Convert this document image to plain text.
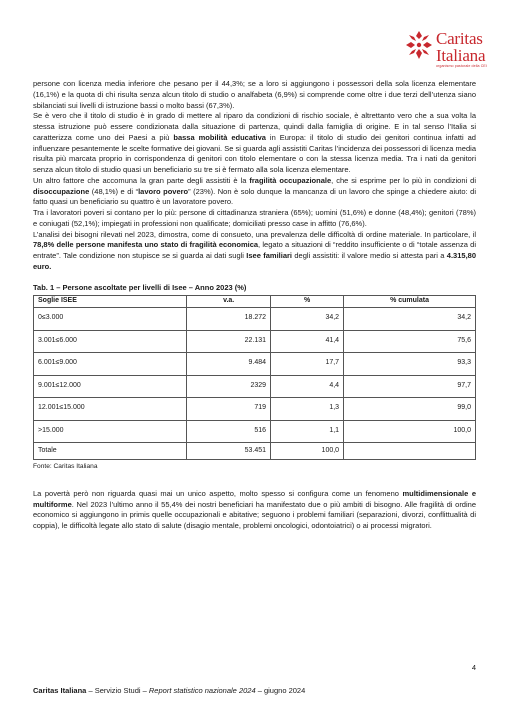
Caritas
Italiana
organismo pastorale della CEI

persone con licenza media inferiore che pesano per il 44,3%; se a loro si aggiungono i possessori della sola licenza elementare (16,1%) e la quota di chi risulta senza alcun titolo di studio o analfabeta (6,9%) si comprende come oltre i due terzi dell’utenza siano sbilanciati sui livelli di istruzione bassi o molto bassi (67,3%).

Se è vero che il titolo di studio è in grado di mettere al riparo da condizioni di rischio sociale, è altrettanto vero che a sua volta la stessa istruzione può essere condizionata dalla situazione di partenza, quindi dalla famiglia di origine. E in tal senso l’Italia si caratterizza come uno dei Paesi a più bassa mobilità educativa in Europa: il titolo di studio dei genitori continua infatti ad influenzare pesantemente le scelte formative dei giovani. Se si guarda agli assistiti Caritas l’incidenza dei possessori di licenza media risulta più marcata proprio in corrispondenza di genitori con titolo elementare o con la stessa licenza media. Tra i nati da genitori senza alcun titolo di studio quasi un beneficiario su tre si è fermato alla sola licenza elementare.

Un altro fattore che accomuna la gran parte degli assistiti è la fragilità occupazionale, che si esprime per lo più in condizioni di disoccupazione (48,1%) e di “lavoro povero” (23%). Non è solo dunque la mancanza di un lavoro che spinge a chiedere aiuto: di fatto quasi un beneficiario su quattro è un lavoratore povero.

Tra i lavoratori poveri si contano per lo più: persone di cittadinanza straniera (65%); uomini (51,6%) e donne (48,4%); genitori (78%) e coniugati (52,1%); impiegati in professioni non qualificate; domiciliati presso case in affitto (76,6%).

L’analisi dei bisogni rilevati nel 2023, dimostra, come di consueto, una prevalenza delle difficoltà di ordine materiale. In particolare, il 78,8% delle persone manifesta uno stato di fragilità economica, legato a situazioni di “reddito insufficiente o di “totale assenza di entrate”. Tale condizione non stupisce se si guarda ai dati sugli Isee familiari degli assistiti: il valore medio si attesta pari a 4.315,80 euro.

Tab. 1 – Persone ascoltate per livelli di Isee – Anno 2023 (%)
Soglie ISEE	v.a.	%	% cumulata
0≤3.000	18.272	34,2	34,2
3.001≤6.000	22.131	41,4	75,6
6.001≤9.000	9.484	17,7	93,3
9.001≤12.000	2329	4,4	97,7
12.001≤15.000	719	1,3	99,0
>15.000	516	1,1	100,0
Totale	53.451	100,0	
Fonte: Caritas Italiana

La povertà però non riguarda quasi mai un unico aspetto, molto spesso si configura come un fenomeno multidimensionale e multiforme. Nel 2023 l’ultimo anno il 55,4% dei nostri beneficiari ha manifestato due o più ambiti di bisogno. Alle fragilità di ordine economico si aggiungono in primis quelle occupazionali e abitative; seguono i problemi familiari (separazioni, divorzi, conflittualità di coppia), le difficoltà legate allo stato di salute (disagio mentale, problemi oncologici, odontoiatrici) o ai processi migratori.

4
Caritas Italiana – Servizio Studi – Report statistico nazionale 2024 – giugno 2024
